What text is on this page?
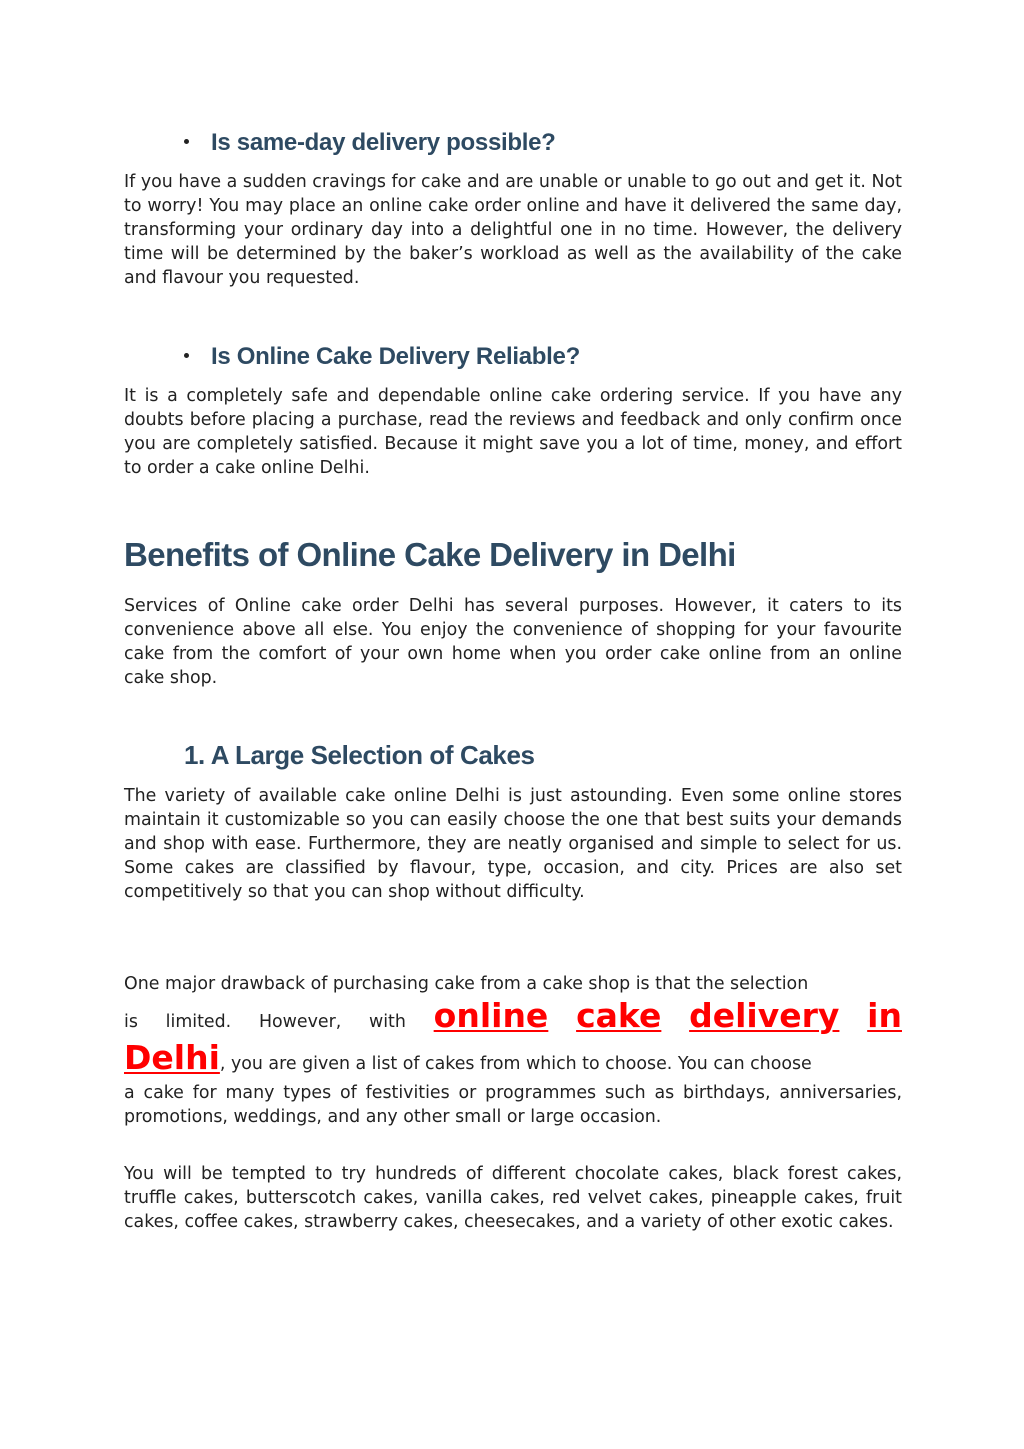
Is same-day delivery possible?

If you have a sudden cravings for cake and are unable or unable to go out and get it. Not to worry! You may place an online cake order online and have it delivered the same day, transforming your ordinary day into a delightful one in no time. However, the delivery time will be determined by the baker’s workload as well as the availability of the cake and flavour you requested.

Is Online Cake Delivery Reliable?

It is a completely safe and dependable online cake ordering service. If you have any doubts before placing a purchase, read the reviews and feedback and only confirm once you are completely satisfied. Because it might save you a lot of time, money, and effort to order a cake online Delhi.

Benefits of Online Cake Delivery in Delhi

Services of Online cake order Delhi has several purposes. However, it caters to its convenience above all else. You enjoy the convenience of shopping for your favourite cake from the comfort of your own home when you order cake online from an online cake shop.

1. A Large Selection of Cakes

The variety of available cake online Delhi is just astounding. Even some online stores maintain it customizable so you can easily choose the one that best suits your demands and shop with ease. Furthermore, they are neatly organised and simple to select for us. Some cakes are classified by flavour, type, occasion, and city. Prices are also set competitively so that you can shop without difficulty.

One major drawback of purchasing cake from a cake shop is that the selection
is limited. However, with online cake delivery in
Delhi, you are given a list of cakes from which to choose. You can choose

a cake for many types of festivities or programmes such as birthdays, anniversaries, promotions, weddings, and any other small or large occasion.

You will be tempted to try hundreds of different chocolate cakes, black forest cakes, truffle cakes, butterscotch cakes, vanilla cakes, red velvet cakes, pineapple cakes, fruit cakes, coffee cakes, strawberry cakes, cheesecakes, and a variety of other exotic cakes.
